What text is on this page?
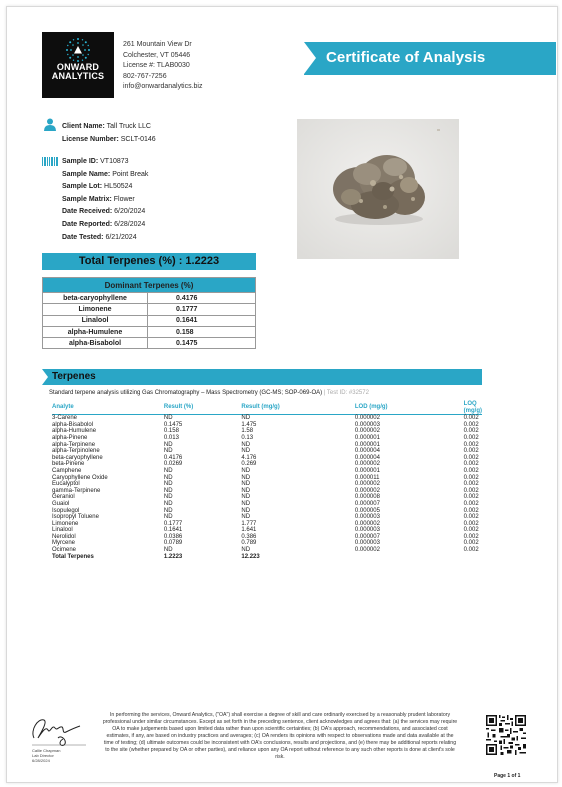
ONWARD
ANALYTICS
261 Mountain View Dr
Colchester, VT 05446
License #: TLAB0030
802-767-7256
info@onwardanalytics.biz
Certificate of Analysis
Client Name: Tall Truck LLC
License Number: SCLT-0146
Sample ID: VT10873
Sample Name: Point Break
Sample Lot: HL50524
Sample Matrix: Flower
Date Received: 6/20/2024
Date Reported: 6/28/2024
Date Tested: 6/21/2024
Total Terpenes (%) : 1.2223
Dominant Terpenes (%)	
beta-caryophyllene	0.4176
Limonene	0.1777
Linalool	0.1641
alpha-Humulene	0.158
alpha-Bisabolol	0.1475
Terpenes
Standard terpene analysis utilizing Gas Chromatography – Mass Spectrometry (GC-MS; SOP-069-OA) | Test ID: #32572
Analyte	Result (%)	Result (mg/g)	LOD (mg/g)	LOQ (mg/g)
3-Carene	ND	ND	0.000002	0.002
alpha-Bisabolol	0.1475	1.475	0.000003	0.002
alpha-Humulene	0.158	1.58	0.000002	0.002
alpha-Pinene	0.013	0.13	0.000001	0.002
alpha-Terpinene	ND	ND	0.000001	0.002
alpha-Terpinolene	ND	ND	0.000004	0.002
beta-caryophyllene	0.4176	4.176	0.000004	0.002
beta-Pinene	0.0269	0.269	0.000002	0.002
Camphene	ND	ND	0.000001	0.002
Caryophyllene Oxide	ND	ND	0.000011	0.002
Eucalyptol	ND	ND	0.000002	0.002
gamma-Terpinene	ND	ND	0.000002	0.002
Geraniol	ND	ND	0.000008	0.002
Guaiol	ND	ND	0.000007	0.002
Isopulegol	ND	ND	0.000005	0.002
Isopropyl Toluene	ND	ND	0.000003	0.002
Limonene	0.1777	1.777	0.000002	0.002
Linalool	0.1641	1.641	0.000003	0.002
Nerolidol	0.0386	0.386	0.000007	0.002
Myrcene	0.0789	0.789	0.000003	0.002
Ocimene	ND	ND	0.000002	0.002
Total Terpenes	1.2223	12.223		
Callie Chapman
Lab Director
6/28/2024
In performing the services, Onward Analytics, ("OA") shall exercise a degree of skill and care ordinarily exercised by a reasonably prudent laboratory professional under similar circumstances. Except as set forth in the preceding sentence, client acknowledges and agrees that: (a) the services may require OA to make judgements based upon limited data rather than upon scientific certainties; (b) OA's approach, recommendations, and associated cost estimates, if any, are based on industry practices and averages; (c) OA renders its opinions with respect to observations made and data available at the time of testing; (d) ultimate outcomes could be inconsistent with OA's conclusions, results and projections, and (e) there may be additional reports relating to the site (whether prepared by OA or other parties), and reliance upon any OA report without reference to any such other reports is done at client's sole risk.
Page 1 of 1
